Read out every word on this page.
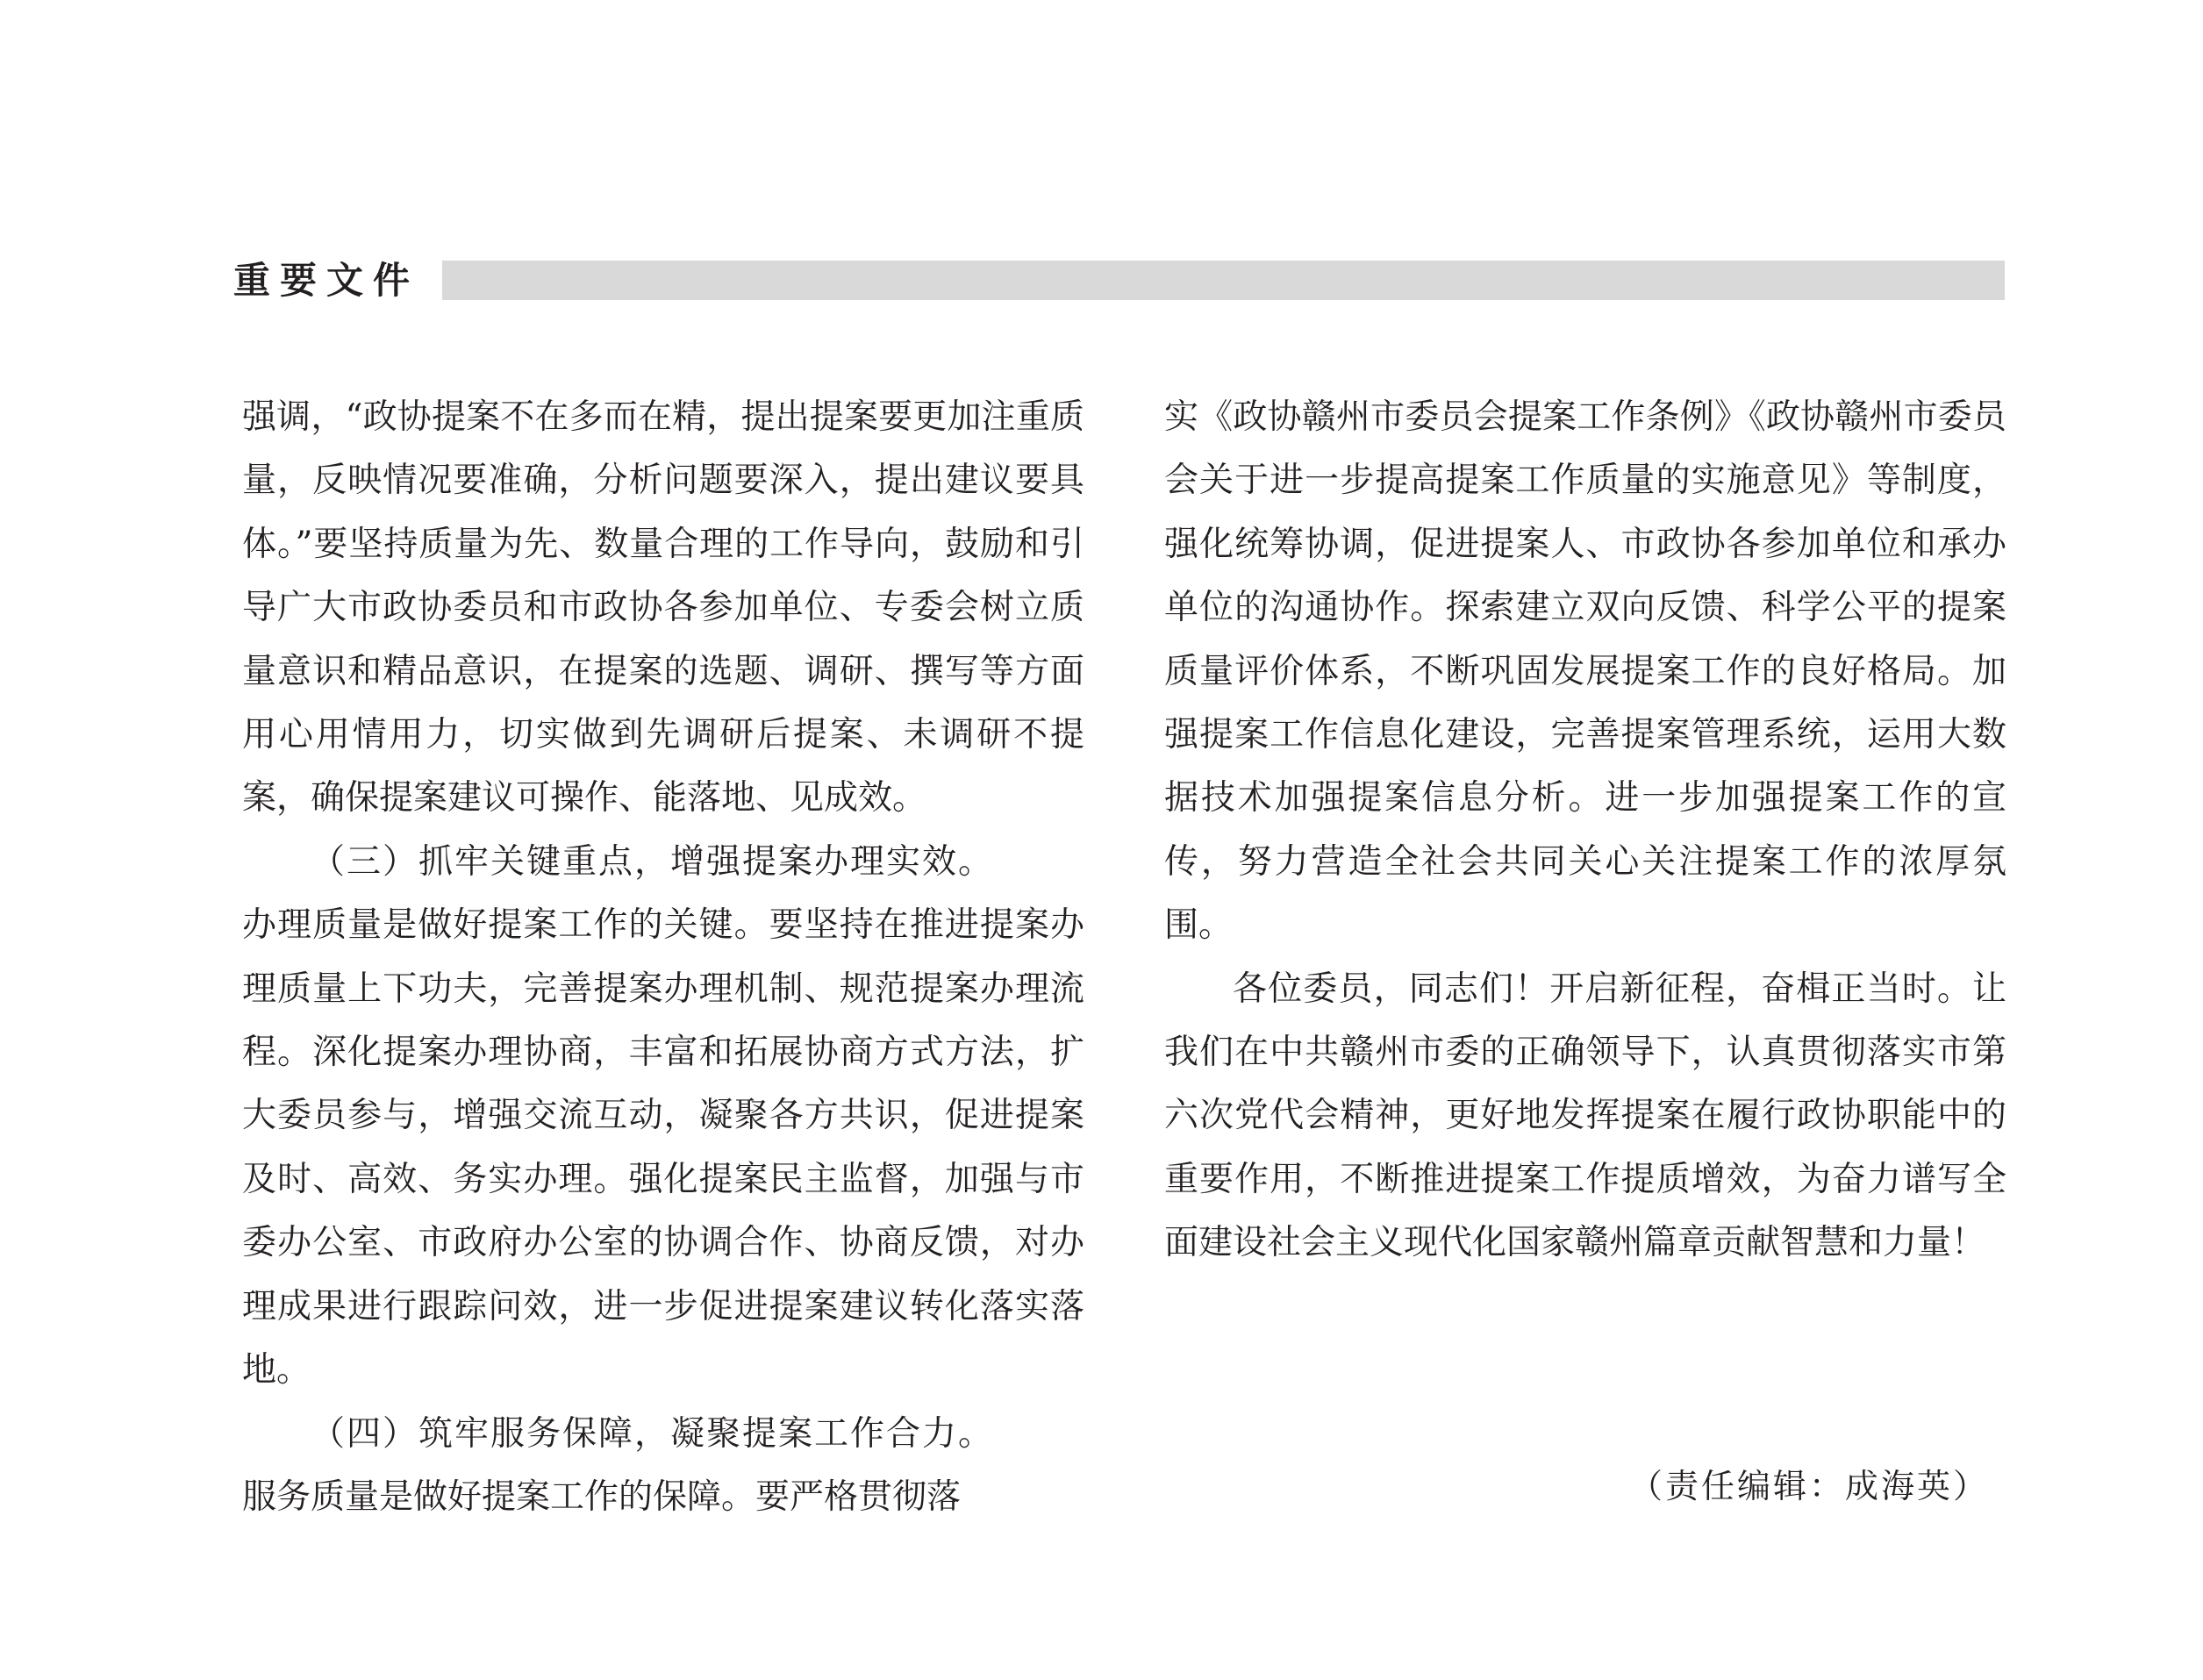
重要文件

强调，“政协提案不在多而在精，提出提案要更加注重质量，反映情况要准确，分析问题要深入，提出建议要具体。”要坚持质量为先、数量合理的工作导向，鼓励和引导广大市政协委员和市政协各参加单位、专委会树立质量意识和精品意识，在提案的选题、调研、撰写等方面用心用情用力，切实做到先调研后提案、未调研不提案，确保提案建议可操作、能落地、见成效。

（三）抓牢关键重点，增强提案办理实效。

办理质量是做好提案工作的关键。要坚持在推进提案办理质量上下功夫，完善提案办理机制、规范提案办理流程。深化提案办理协商，丰富和拓展协商方式方法，扩大委员参与，增强交流互动，凝聚各方共识，促进提案及时、高效、务实办理。强化提案民主监督，加强与市委办公室、市政府办公室的协调合作、协商反馈，对办理成果进行跟踪问效，进一步促进提案建议转化落实落地。

（四）筑牢服务保障，凝聚提案工作合力。

服务质量是做好提案工作的保障。要严格贯彻落

实《政协赣州市委员会提案工作条例》《政协赣州市委员会关于进一步提高提案工作质量的实施意见》等制度，强化统筹协调，促进提案人、市政协各参加单位和承办单位的沟通协作。探索建立双向反馈、科学公平的提案质量评价体系，不断巩固发展提案工作的良好格局。加强提案工作信息化建设，完善提案管理系统，运用大数据技术加强提案信息分析。进一步加强提案工作的宣传，努力营造全社会共同关心关注提案工作的浓厚氛围。

各位委员，同志们！开启新征程，奋楫正当时。让我们在中共赣州市委的正确领导下，认真贯彻落实市第六次党代会精神，更好地发挥提案在履行政协职能中的重要作用，不断推进提案工作提质增效，为奋力谱写全面建设社会主义现代化国家赣州篇章贡献智慧和力量！

（责任编辑：成海英）
